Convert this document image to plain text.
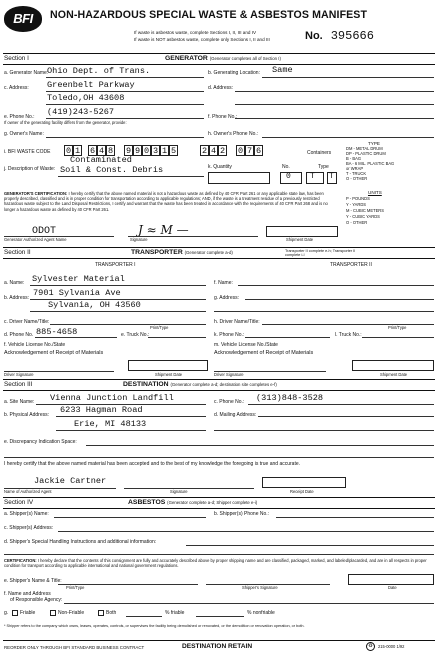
BFI	NON-HAZARDOUS SPECIAL WASTE & ASBESTOS MANIFEST
If waste is asbestos waste, complete Sections I, II, III and IV
If waste is NOT asbestos waste, complete only Sections I, II and III	No. 395666
Section I	GENERATOR (Generator completes all of Section I)
a. Generator Name:
Ohio Dept. of Trans.	b. Generating Location: Same
c. Address: Greenbelt Parkway
Toledo,OH 43608
d. Address:
e. Phone No.: (419)243-5267	f. Phone No.:
If owner of the generating facility differs from the generator, provide:
g. Owner's Name:	h. Owner's Phone No.:
i. BFI WASTE CODE 0 1 6 4 8 9 9 0 3 1 5	2 4 2 0 7 6	Containers
j. Description of Waste:
Contaminated
Soil & Const. Debris	k. Quantity	No.
0
Type
T T
TYPE
DM - METAL DRUM
DP - PLASTIC DRUM
B - BAG
BA - 6 MIL. PLASTIC BAG
or WRAP
T - TRUCK
O - OTHER
UNITS
P - POUNDS
Y - YARDS
M - CUBIC METERS
Y - CUBIC YARDS
O - OTHER
GENERATOR'S CERTIFICATION: I hereby certify that the above named material is not a hazardous waste as defined by 40 CFR Part 261 or any applicable state law, has been properly described, classified and is in proper condition for transportation according to applicable regulations; AND, if the waste is a treatment residue of a previously restricted hazardous waste subject to the Land Disposal Restrictions, I certify and warrant that the waste has been treated in accordance with the requirements of 40 CFR Part 268 and is no longer a hazardous waste as defined by 40 CFR Part 261.
ODOT	J ≈ M —
Generator Authorized Agent Name	Signature	Shipment Date
Section II	TRANSPORTER (Generator complete a-d)	Transporter II complete e-h; Transporter II complete i-l
TRANSPORTER I	TRANSPORTER II
a. Name: Sylvester Material	f. Name:
b. Address: 7901 Sylvania Ave
Sylvania, OH 43560
g. Address:
c. Driver Name/Title:	h. Driver Name/Title:
Print/Type	Print/Type
d. Phone No. 885-4658	e. Truck No.:	k. Phone No.:	l. Truck No.:
f. Vehicle License No./State
Acknowledgement of Receipt of Materials
m. Vehicle License No./State
Acknowledgement of Receipt of Materials
Driver Signature	Shipment Date	Driver Signature	Shipment Date
Section III	DESTINATION (Generator complete a-d; destination site completes e-f)
a. Site Name: Vienna Junction Landfill	c. Phone No.: (313)848-3528
b. Physical Address: 6233 Hagman Road
Erie, MI 48133
d. Mailing Address:
e. Discrepancy Indication Space:
I hereby certify that the above named material has been accepted and to the best of my knowledge the foregoing is true and accurate.
Jackie Cartner
Name of Authorized Agent	Signature	Receipt Date
Section IV	ASBESTOS (Generator complete a-d; Shipper complete e-i)
a. Shipper(s) Name:	b. Shipper(s) Phone No.:
c. Shipper(s) Address:
d. Shipper's Special Handling Instructions and additional information:
CERTIFICATION: I hereby declare that the contents of this consignment are fully and accurately described above by proper shipping name and are classified, packaged, marked, and labeled/placarded, and are in all respects in proper condition for transport according to applicable international and national government regulations.
e. Shipper's Name & Title:
Print/Type	Shipper's Signature	Date
f. Name and Address
of Responsible Agency:
g. Friable	Non-Friable	Both	% friable	% nonfriable
* Shipper refers to the company which owns, leases, operates, controls, or supervises the facility being demolished or renovated, or the demolition or renovation operation, or both.
REORDER ONLY THROUGH BFI STANDARD BUSINESS CONTRACT	DESTINATION RETAIN	♻	215-0000 1/92
